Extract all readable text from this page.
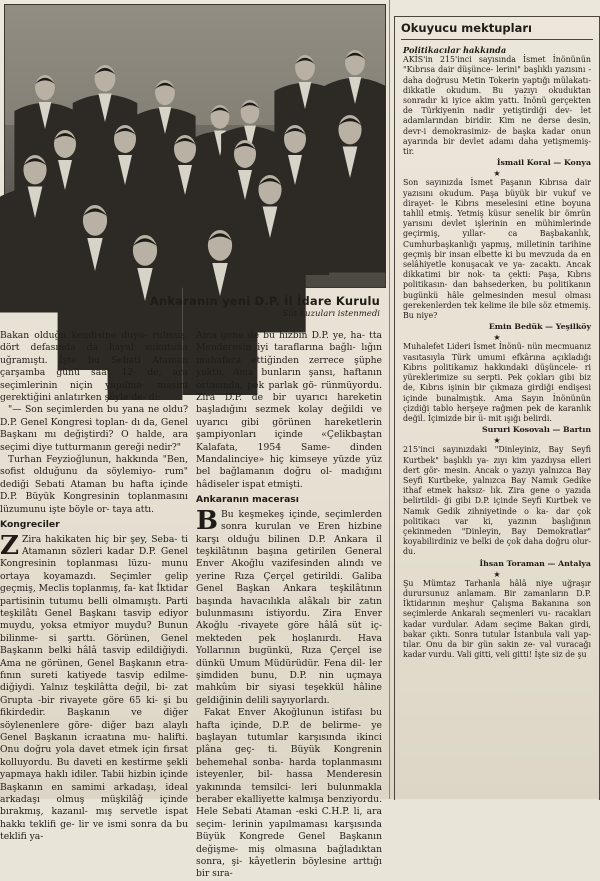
Ankaranın yeni D.P. İl İdare Kurulu
Süt kuzuları istenmedi

Bakan olduğu kendisine duyu- rulmuş, dört defasında da hayal sukutuna uğramıştı. İşte bu Sebati Ataman çarşamba günü saat 12- de, ara seçimlerinin niçin yapılma- masını gerektiğini anlatırken şöyle de- di:

"— Son seçimlerden bu yana ne oldu? D.P. Genel Kongresi toplan- dı da, Genel Başkanı mı değiştirdi? O halde, ara seçimi diye tutturmanın gereği nedir?"

Turhan Feyzioğlunun, hakkında "Ben, sofist olduğunu da söylemiyo- rum" dediği Sebati Ataman bu hafta içinde D.P. Büyük Kongresinin toplanmasını lüzumunu işte böyle or- taya attı.

Kongreciler

Z Zira hakikaten hiç bir şey, Seba- ti Atamanın sözleri kadar D.P. Genel Kongresinin toplanması lüzu- munu ortaya koyamazdı. Seçimler gelip geçmiş, Meclis toplanmış, fa- kat İktidar partisinin tutumu belli olmamıştı. Parti teşkilâtı Genel Başkanı tasvip ediyor muydu, yoksa etmiyor muydu? Bunun bilinme- si şarttı. Görünen, Genel Başkanın belki hâlâ tasvip edildiğiydi. Ama ne görünen, Genel Başkanın etra- fının sureti katiyede tasvip edilme- diğiydi. Yalnız teşkilâtta değil, bi- zat Grupta -bir rivayete göre 65 ki- şi bu fikirdedir. Başkanın ve diğer söylenenlere göre- diğer bazı alaylı Genel Başkanın icraatına mu- halifti. Onu doğru yola davet etmek için fırsat kolluyordu. Bu daveti en kestirme şekli yapmaya haklı idiler. Tabii hizbin içinde Başkanın en samimi arkadaşı, ideal arkadaşı olmuş müşkilâğ içinde bırakmış, kazanıl- mış servetle ispat hakkı teklifi ge- lir ve ismi sonra da bu teklifi ya-

Ama gene de bu hizbin D.P. ye, ha- tta Menderesin iyi taraflarına bağlı- lığın muhafaza ettiğinden zerrece şüphe yoktu. Ama bunların şansı, haftanın ortasında, pek parlak gö- rünmüyordu. Zira D.P. de bir uyarıcı hareketin başladığını sezmek kolay değildi ve uyarıcı gibi görünen hareketlerin şampiyonları içinde «Çelikbaştan Kalafata, 1954 Same- dinden Mandalinciye» hiç kimseye yüzde yüz bel bağlamanın doğru ol- madığını hâdiseler ispat etmişti.

Ankaranın macerası

B Bu keşmekeş içinde, seçimlerden sonra kurulan ve Eren hizbine karşı olduğu bilinen D.P. Ankara il teşkilâtının başına getirilen General Enver Akoğlu vazifesinden alındı ve yerine Rıza Çerçel getirildi. Galiba Genel Başkan Ankara teşkilâtının başında havacılıkla alâkalı bir zatın bulunmasını istiyordu. Zira Enver Akoğlu -rivayete göre hâlâ süt iç- mekteden pek hoşlanırdı. Hava Yollarının bugünkü, Rıza Çerçel ise dünkü Umum Müdürüdür. Fena dil- ler şimdiden bunu, D.P. nin uçmaya mahkûm bir siyasi teşekkül hâline geldiğinin delili sayıyorlardı.

Fakat Enver Akoğlunun istifası bu hafta içinde, D.P. de belirme- ye başlayan tutumlar karşısında ikinci plâna geç- ti. Büyük Kongrenin behemehal sonba- harda toplanmasını isteyenler, bil- hassa Menderesin yakınında temsilci- leri bulunmakla beraber ekalliyette kalmışa benziyordu. Hele Sebati Ataman -eski C.H.P. li, ara seçim- lerinin yapılmaması karşısında Büyük Kongrede Genel Başkanın değişme- miş olmasına bağladıktan sonra, şi- kâyetlerin böylesine arttığı bir sıra-

Okuyucu mektupları
Politikacılar hakkında

AKİS'in 215'inci sayısında İsmet İnönünün "Kıbrısa dair düşünce- lerini" başlıklı yazısını -daha doğrusu Metin Tokerin yaptığı mülakatı- dikkatle okudum. Bu yazıyı okuduktan sonradır ki iyice akim yattı. İnönü gerçekten de Türkiyenin nadir yetiştirdiği dev- let adamlarından biridir. Kim ne derse desin, devr-i demokrasimiz- de başka kadar onun ayarında bir devlet adamı daha yetişmemiş- tir.

İsmail Koral — Konya
★

Son sayınızda İsmet Paşanın Kıbrısa dair yazısını okudum. Paşa büyük bir vukuf ve dirayet- le Kıbrıs meselesini etine boyuna tahlil etmiş. Yetmiş küsur senelik bir ömrün yarısını devlet işlerinin en mühimlerinde geçirmiş, yıllar- ca Başbakanlık, Cumhurbaşkanlığı yapmış, milletinin tarihine geçmiş bir insan elbette ki bu mevzuda da en selâhiyetle konuşacak ve ya- zacaktı. Ancak dikkatimi bir nok- ta çekti: Paşa, Kıbrıs politikasın- dan bahsederken, bu politikanın bugünkü hâle gelmesinden mesul olması gerekenlerden tek kelime ile bile söz etmemiş. Bu niye?

Emin Bedük — Yeşilköy
★

Muhalefet Lideri İsmet İnönü- nün mecmuanız vasıtasıyla Türk umumi efkârına açıkladığı Kıbrıs politikamız hakkındaki düşüncele- ri yüreklerimize su serpti. Pek çokları gibi biz de, Kıbrıs işinin bir çıkmaza girdiği endişesi içinde bunalmıştık. Ama Sayın İnönünün çizdiği tablo herşeye rağmen pek de karanlık değil. İçimizde bir ü- mit ışığı belirdi.

Sururi Kosovalı — Bartın
★

215'inci sayınızdaki "Dinleyiniz, Bay Seyfi Kurtbek" başlıklı ya- zıyı kim yazdıysa elleri dert gör- mesin. Ancak o yazıyı yalnızca Bay Seyfi Kurtbeke, yalnızca Bay Namık Gedike ithaf etmek haksız- lık. Zira gene o yazıda belirtildi- ği gibi D.P. içinde Seyfi Kurtbek ve Namık Gedik zihniyetinde o ka- dar çok politikacı var ki, yazının başlığının çekinmeden "Dinleyin, Bay Demokratlar" koyabilirdiniz ve belki de çok daha doğru olur- du.

İhsan Toraman — Antalya
★

Şu Mümtaz Tarhanla hâlâ niye uğraşır durursunuz anlamam. Bir zamanların D.P. İktidarının meşhur Çalışma Bakanına son seçimlerde Ankaralı seçmenleri vu- racakları kadar vurdular. Adam seçime Bakan girdi, bakar çıktı. Sonra tutular İstanbula vali yap- tılar. Onu da bir gün sakin ze- val vuracağı kadar vurdu. Vali gitti, veli gitti! İşte siz de şu
